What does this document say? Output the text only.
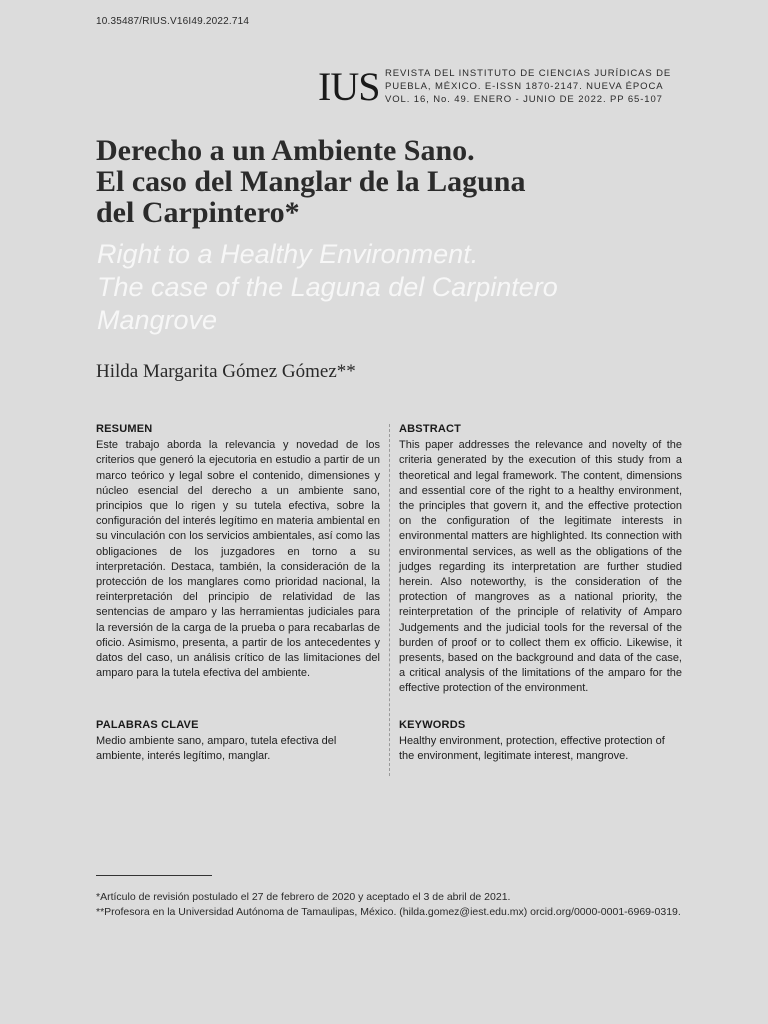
10.35487/RIUS.V16I49.2022.714
IUS REVISTA DEL INSTITUTO DE CIENCIAS JURÍDICAS DE
PUEBLA, MÉXICO. E-ISSN 1870-2147. NUEVA ÉPOCA
VOL. 16, No. 49. ENERO - JUNIO DE 2022. PP 65-107
Derecho a un Ambiente Sano.
El caso del Manglar de la Laguna
del Carpintero*
Right to a Healthy Environment.
The case of the Laguna del Carpintero
Mangrove
Hilda Margarita Gómez Gómez**

RESUMEN

Este trabajo aborda la relevancia y novedad de los criterios que generó la ejecutoria en estudio a partir de un marco teórico y legal sobre el contenido, dimensiones y núcleo esencial del derecho a un ambiente sano, principios que lo rigen y su tutela efectiva, sobre la configuración del interés legítimo en materia ambiental en su vinculación con los servicios ambientales, así como las obligaciones de los juzgadores en torno a su interpretación. Destaca, también, la consideración de la protección de los manglares como prioridad nacional, la reinterpretación del principio de relatividad de las sentencias de amparo y las herramientas judiciales para la reversión de la carga de la prueba o para recabarlas de oficio. Asimismo, presenta, a partir de los antecedentes y datos del caso, un análisis crítico de las limitaciones del amparo para la tutela efectiva del ambiente.

ABSTRACT

This paper addresses the relevance and novelty of the criteria generated by the execution of this study from a theoretical and legal framework. The content, dimensions and essential core of the right to a healthy environment, the principles that govern it, and the effective protection on the configuration of the legitimate interests in environmental matters are highlighted. Its connection with environmental services, as well as the obligations of the judges regarding its interpretation are further studied herein. Also noteworthy, is the consideration of the protection of mangroves as a national priority, the reinterpretation of the principle of relativity of Amparo Judgements and the judicial tools for the reversal of the burden of proof or to collect them ex officio. Likewise, it presents, based on the background and data of the case, a critical analysis of the limitations of the amparo for the effective protection of the environment.

PALABRAS CLAVE

Medio ambiente sano, amparo, tutela efectiva del ambiente, interés legítimo, manglar.

KEYWORDS

Healthy environment, protection, effective protection of the environment, legitimate interest, mangrove.

*Artículo de revisión postulado el 27 de febrero de 2020 y aceptado el 3 de abril de 2021.
**Profesora en la Universidad Autónoma de Tamaulipas, México. (hilda.gomez@iest.edu.mx) orcid.org/0000-0001-6969-0319.
